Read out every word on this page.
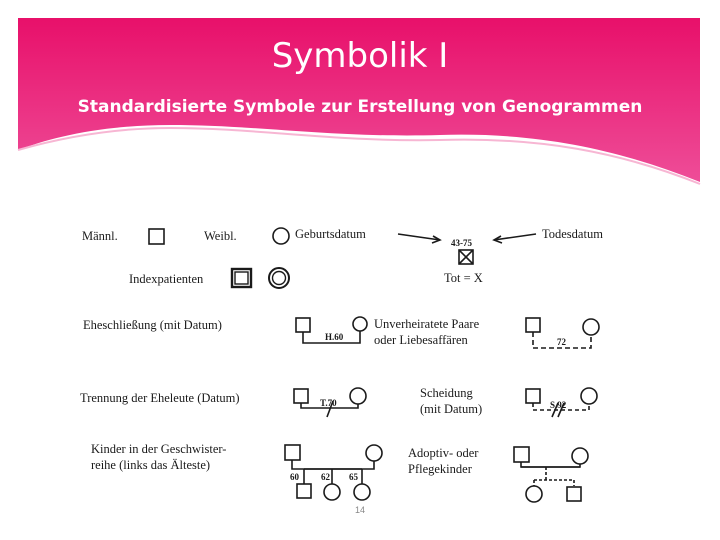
Symbolik I
Standardisierte Symbole zur Erstellung von Genogrammen
Männl.	Weibl.	Geburtsdatum	Todesdatum
43-75
Tot = X
Indexpatienten
Eheschließung (mit Datum)
H.60
Unverheiratete Paare
oder Liebesaffären	72
Trennung der Eheleute (Datum)	T.70
Scheidung
(mit Datum)	S.92
Kinder in der Geschwister-
reihe (links das Älteste)
60 62 65
Adoptiv- oder
Pflegekinder
14
